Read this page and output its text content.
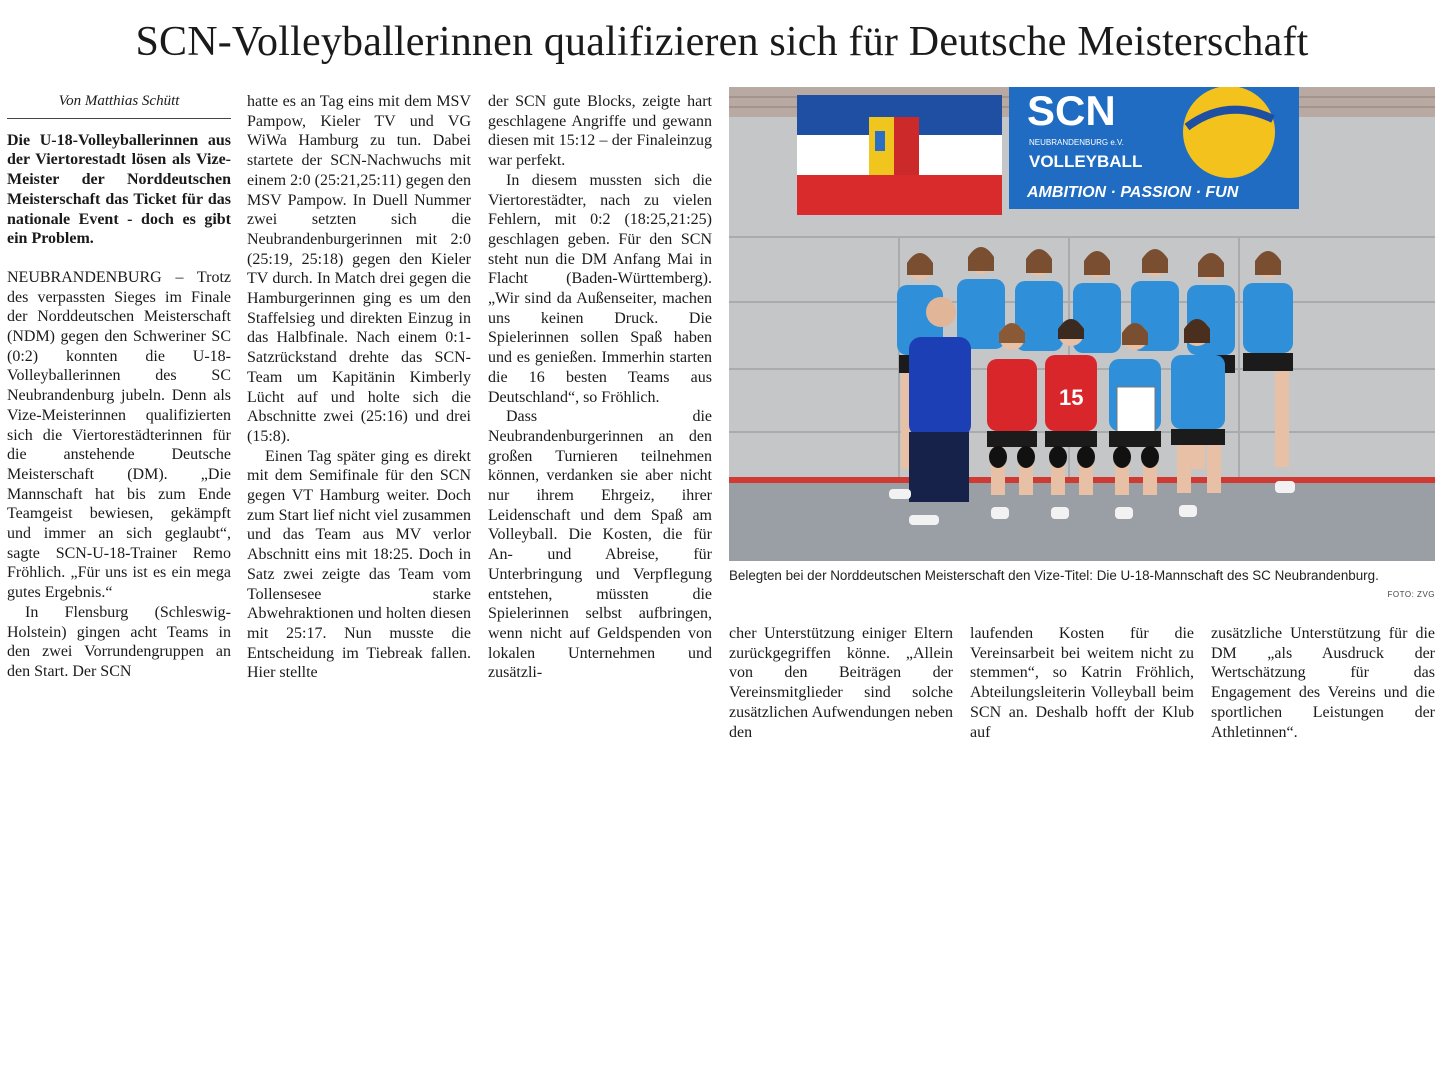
SCN-Volleyballerinnen qualifizieren sich für Deutsche Meisterschaft
Von Matthias Schütt

Die U-18-Volleyballerinnen aus der Viertorestadt lösen als Vize-Meister der Norddeutschen Meisterschaft das Ticket für das nationale Event - doch es gibt ein Problem.

NEUBRANDENBURG – Trotz des verpassten Sieges im Finale der Norddeutschen Meisterschaft (NDM) gegen den Schweriner SC (0:2) konnten die U-18-Volleyballerinnen des SC Neubrandenburg jubeln. Denn als Vize-Meisterinnen qualifizierten sich die Viertorestädterinnen für die anstehende Deutsche Meisterschaft (DM). „Die Mannschaft hat bis zum Ende Teamgeist bewiesen, gekämpft und immer an sich geglaubt“, sagte SCN-U-18-Trainer Remo Fröhlich. „Für uns ist es ein mega gutes Ergebnis.“

In Flensburg (Schleswig-Holstein) gingen acht Teams in den zwei Vorrundengruppen an den Start. Der SCN

hatte es an Tag eins mit dem MSV Pampow, Kieler TV und VG WiWa Hamburg zu tun. Dabei startete der SCN-Nachwuchs mit einem 2:0 (25:21,25:11) gegen den MSV Pampow. In Duell Nummer zwei setzten sich die Neubrandenburgerinnen mit 2:0 (25:19, 25:18) gegen den Kieler TV durch. In Match drei gegen die Hamburgerinnen ging es um den Staffelsieg und direkten Einzug in das Halbfinale. Nach einem 0:1-Satzrückstand drehte das SCN-Team um Kapitänin Kimberly Lücht auf und holte sich die Abschnitte zwei (25:16) und drei (15:8).

Einen Tag später ging es direkt mit dem Semifinale für den SCN gegen VT Hamburg weiter. Doch zum Start lief nicht viel zusammen und das Team aus MV verlor Abschnitt eins mit 18:25. Doch in Satz zwei zeigte das Team vom Tollensesee starke Abwehraktionen und holten diesen mit 25:17. Nun musste die Entscheidung im Tiebreak fallen. Hier stellte

der SCN gute Blocks, zeigte hart geschlagene Angriffe und gewann diesen mit 15:12 – der Finaleinzug war perfekt.

In diesem mussten sich die Viertorestädter, nach zu vielen Fehlern, mit 0:2 (18:25,21:25) geschlagen geben. Für den SCN steht nun die DM Anfang Mai in Flacht (Baden-Württemberg). „Wir sind da Außenseiter, machen uns keinen Druck. Die Spielerinnen sollen Spaß haben und es genießen. Immerhin starten die 16 besten Teams aus Deutschland“, so Fröhlich.

Dass die Neubrandenburgerinnen an den großen Turnieren teilnehmen können, verdanken sie aber nicht nur ihrem Ehrgeiz, ihrer Leidenschaft und dem Spaß am Volleyball. Die Kosten, die für An- und Abreise, für Unterbringung und Verpflegung entstehen, müssten die Spielerinnen selbst aufbringen, wenn nicht auf Geldspenden von lokalen Unternehmen und zusätzli-

SCN
NEUBRANDENBURG e.V.
VOLLEYBALL
AMBITION · PASSION · FUN
15
Belegten bei der Norddeutschen Meisterschaft den Vize-Titel: Die U-18-Mannschaft des SC Neubrandenburg.
FOTO: ZVG

cher Unterstützung einiger Eltern zurückgegriffen könne. „Allein von den Beiträgen der Vereinsmitglieder sind solche zusätzlichen Aufwendungen neben den

laufenden Kosten für die Vereinsarbeit bei weitem nicht zu stemmen“, so Katrin Fröhlich, Abteilungsleiterin Volleyball beim SCN an. Deshalb hofft der Klub auf

zusätzliche Unterstützung für die DM „als Ausdruck der Wertschätzung für das Engagement des Vereins und die sportlichen Leistungen der Athletinnen“.
